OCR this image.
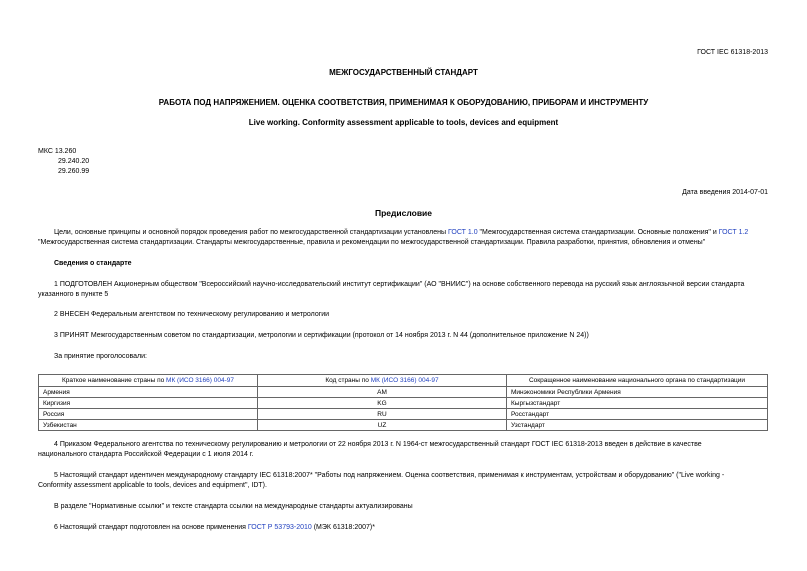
ГОСТ IEC 61318-2013
МЕЖГОСУДАРСТВЕННЫЙ СТАНДАРТ
РАБОТА ПОД НАПРЯЖЕНИЕМ. ОЦЕНКА СООТВЕТСТВИЯ, ПРИМЕНИМАЯ К ОБОРУДОВАНИЮ, ПРИБОРАМ И ИНСТРУМЕНТУ
Live working. Conformity assessment applicable to tools, devices and equipment
МКС 13.260
29.240.20
29.260.99
Дата введения 2014-07-01
Предисловие
Цели, основные принципы и основной порядок проведения работ по межгосударственной стандартизации установлены ГОСТ 1.0 "Межгосударственная система стандартизации. Основные положения" и ГОСТ 1.2
"Межгосударственная система стандартизации. Стандарты межгосударственные, правила и рекомендации по межгосударственной стандартизации. Правила разработки, принятия, обновления и отмены"
Сведения о стандарте
1 ПОДГОТОВЛЕН Акционерным обществом "Всероссийский научно-исследовательский институт сертификации" (АО "ВНИИС") на основе собственного перевода на русский язык англоязычной версии стандарта
указанного в пункте 5
2 ВНЕСЕН Федеральным агентством по техническому регулированию и метрологии
3 ПРИНЯТ Межгосударственным советом по стандартизации, метрологии и сертификации (протокол от 14 ноября 2013 г. N 44 (дополнительное приложение N 24))
За принятие проголосовали:
Краткое наименование страны по МК (ИСО 3166) 004-97	Код страны по МК (ИСО 3166) 004-97	Сокращенное наименование национального органа по стандартизации
Армения	AM	Минэкономики Республики Армения
Киргизия	KG	Кыргызстандарт
Россия	RU	Росстандарт
Узбекистан	UZ	Узстандарт
4 Приказом Федерального агентства по техническому регулированию и метрологии от 22 ноября 2013 г. N 1964-ст межгосударственный стандарт ГОСТ IEC 61318-2013 введен в действие в качестве
национального стандарта Российской Федерации с 1 июля 2014 г.
5 Настоящий стандарт идентичен международному стандарту IEC 61318:2007* "Работы под напряжением. Оценка соответствия, применимая к инструментам, устройствам и оборудованию" ("Live working -
Conformity assessment applicable to tools, devices and equipment", IDT).
В разделе "Нормативные ссылки" и тексте стандарта ссылки на международные стандарты актуализированы
6 Настоящий стандарт подготовлен на основе применения ГОСТ Р 53793-2010 (МЭК 61318:2007)*
